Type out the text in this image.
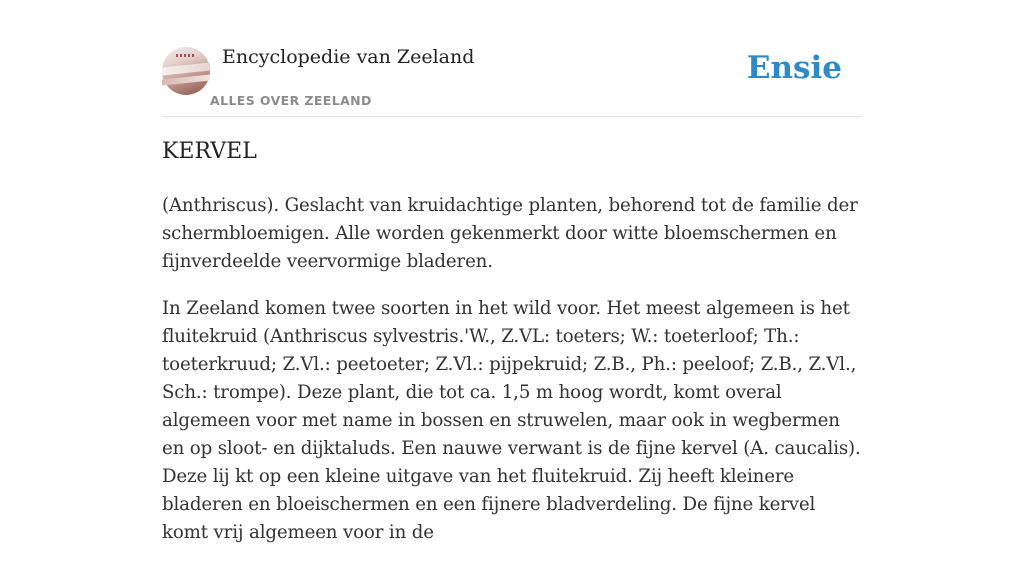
Encyclopedie van Zeeland
ALLES OVER ZEELAND
Ensie
KERVEL

(Anthriscus). Geslacht van kruidachtige planten, behorend tot de familie der schermbloemigen. Alle worden gekenmerkt door witte bloemschermen en fijnverdeelde veervormige bladeren.

In Zeeland komen twee soorten in het wild voor. Het meest algemeen is het fluitekruid (Anthriscus sylvestris.'W., Z.VL: toeters; W.: toeterloof; Th.: toeterkruud; Z.Vl.: peetoeter; Z.Vl.: pijpekruid; Z.B., Ph.: peeloof; Z.B., Z.Vl., Sch.: trompe). Deze plant, die tot ca. 1,5 m hoog wordt, komt overal algemeen voor met name in bossen en struwelen, maar ook in wegbermen en op sloot- en dijktaluds. Een nauwe verwant is de fijne kervel (A. caucalis). Deze lij kt op een kleine uitgave van het fluitekruid. Zij heeft kleinere bladeren en bloeischermen en een fijnere bladverdeling. De fijne kervel komt vrij algemeen voor in de
